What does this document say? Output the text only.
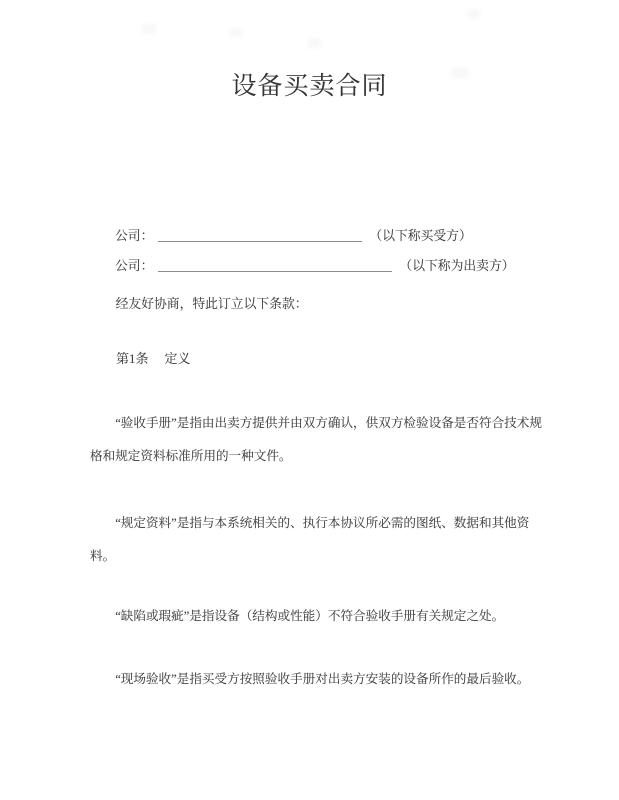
设备买卖合同
公司：	（以下称买受方）
公司：	（以下称为出卖方）

经友好协商，特此订立以下条款：

第1条 定义

“验收手册”是指由出卖方提供并由双方确认，供双方检验设备是否符合技术规格和规定资料标准所用的一种文件。

“规定资料”是指与本系统相关的、执行本协议所必需的图纸、数据和其他资料。

“缺陷或瑕疵”是指设备（结构或性能）不符合验收手册有关规定之处。

“现场验收”是指买受方按照验收手册对出卖方安装的设备所作的最后验收。
